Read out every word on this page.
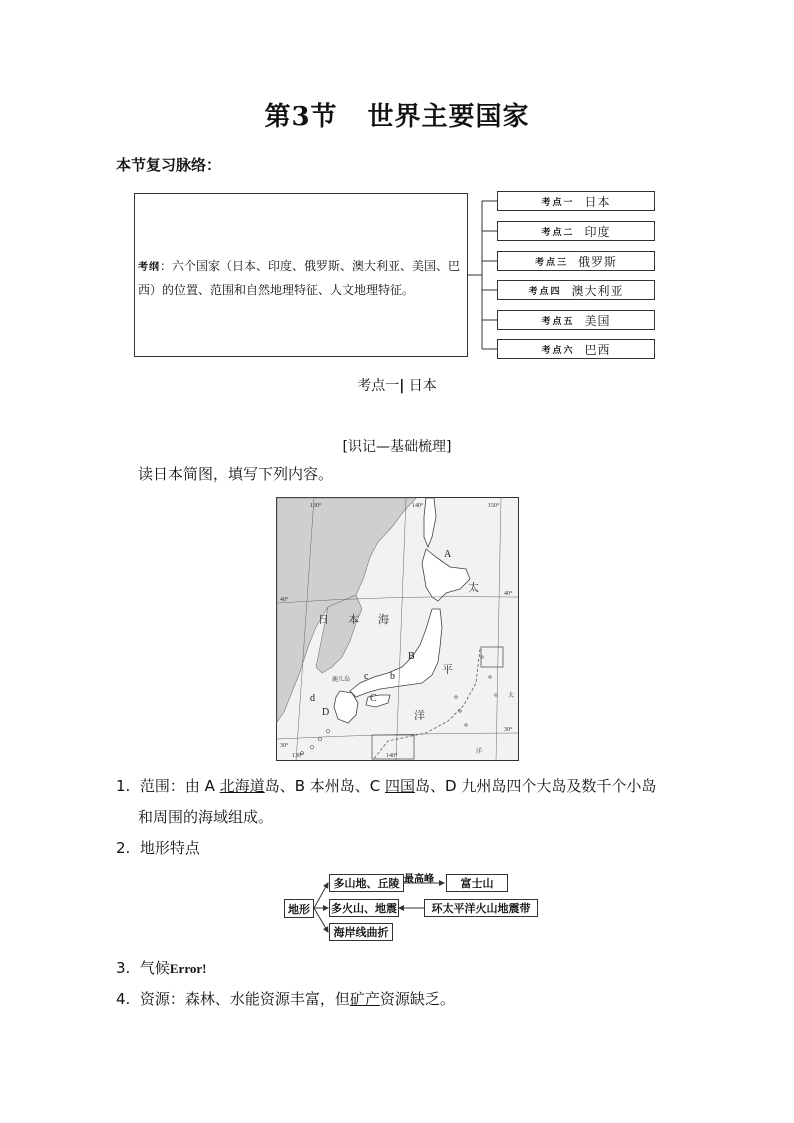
第3节 世界主要国家
本节复习脉络：
考纲：六个国家（日本、印度、俄罗斯、澳大利亚、美国、巴
西）的位置、范围和自然地理特征、人文地理特征。
考点一 日本
考点二 印度
考点三 俄罗斯
考点四 澳大利亚
考点五 美国
考点六 巴西
考点一| 日本
[识记—基础梳理]
读日本简图，填写下列内容。
A
B
C
D
b
c
d
日 本 海
太
平
洋
40°
40°
30°
30°
130°	140°	150°
130°	140°
鹿儿岛
洋
太
1. 范围：由 A 北海道岛、B 本州岛、C 四国岛、D 九州岛四个大岛及数千个小岛
和周围的海域组成。
2. 地形特点
地形
多山地、丘陵 最高峰	富士山
多火山、地震	环太平洋火山地震带
海岸线曲折
3. 气候Error!
4. 资源：森林、水能资源丰富，但矿产资源缺乏。
